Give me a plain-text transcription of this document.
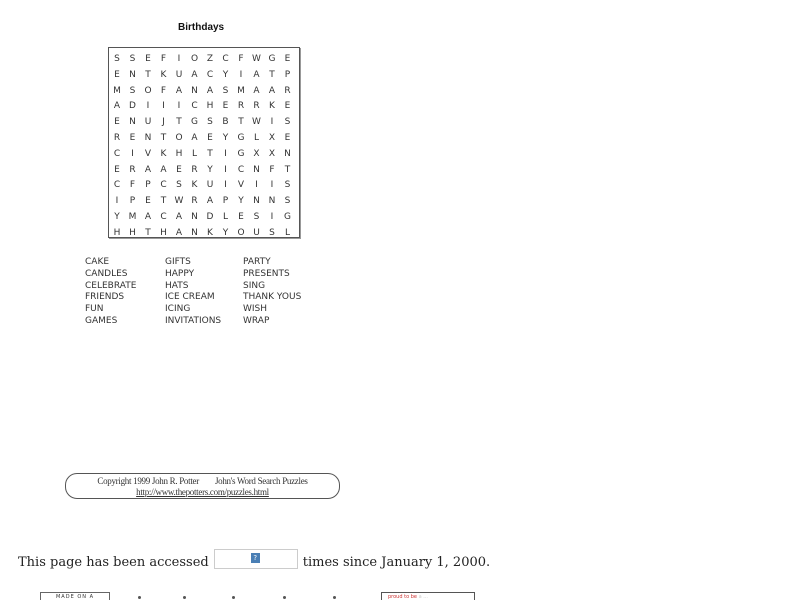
Birthdays
S	S	E	F	I	O Z	C	F W G	E
E	N	T	K	U	A	C	Y	I	A	T	P
M S	O	F	A	N	A	S M A	A	R
A D	I	I	I	C H	E	R	R	K	E
E	N U	J	T	G	S	B	T W	I	S
R	E	N	T	O A	E	Y	G	L	X	E
C	I	V	K	H	L	T	I	G X	X	N
E	R	A	A	E	R	Y	I	C N	F	T
C	F	P	C	S	K	U	I	V	I	I	S
I	P	E	T W R	A	P	Y	N N	S
Y M A	C	A	N D	L	E	S	I	G
H H	T	H	A	N	K	Y	O U	S	L
CAKE
CANDLES
CELEBRATE
FRIENDS
FUN
GAMES
GIFTS
HAPPY
HATS
ICE CREAM
ICING
INVITATIONS
PARTY
PRESENTS
SING
THANK YOUS
WISH
WRAP
Copyright 1999 John R. Potter John's Word Search Puzzles
http://www.thepotters.com/puzzles.html
This page has been accessed	?	times since January 1, 2000.
MADE ON A	proud to be a ...
